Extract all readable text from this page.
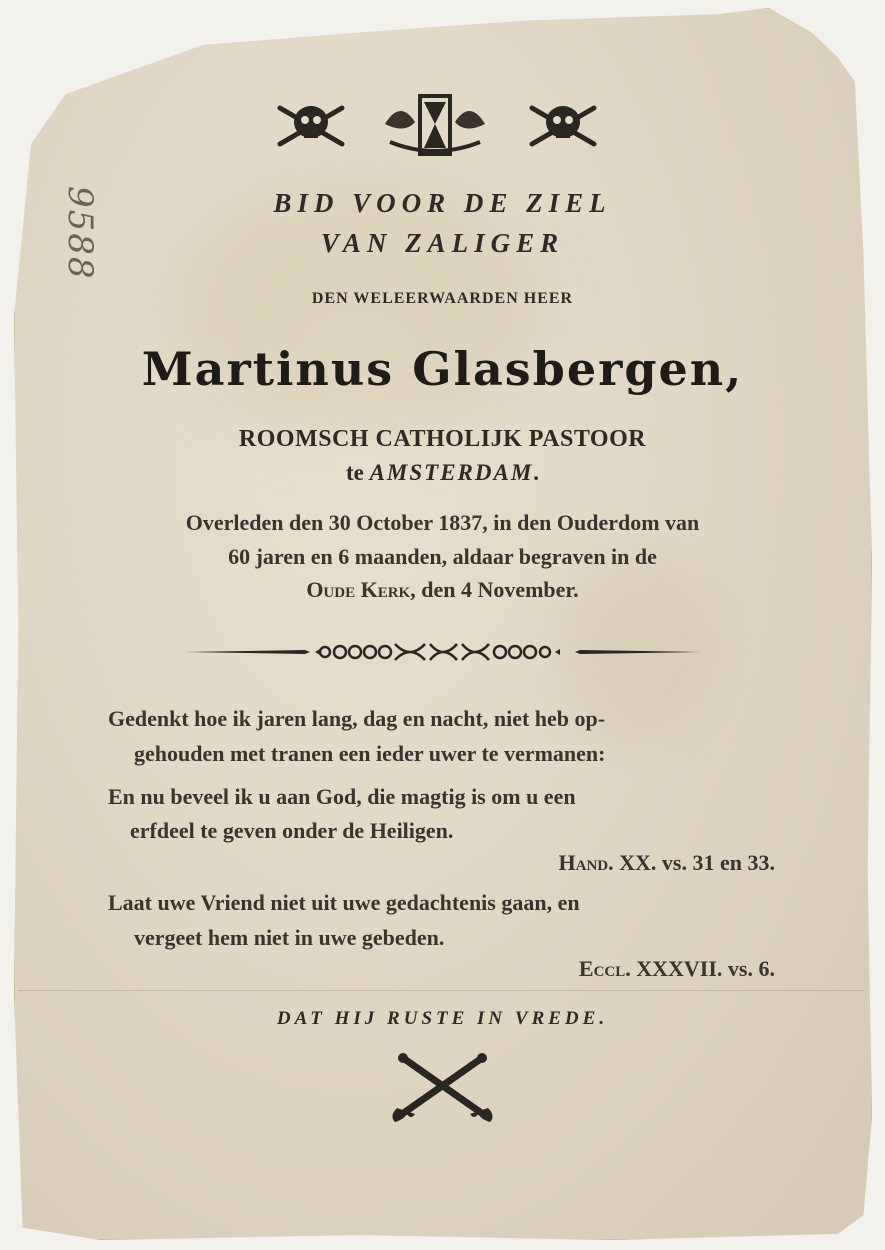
9588	BID VOOR DE ZIEL
VAN ZALIGER
DEN WELEERWAARDEN HEER
Martinus Glasbergen,
ROOMSCH CATHOLIJK PASTOOR
te AMSTERDAM.
Overleden den 30 October 1837, in den Ouderdom van
60 jaren en 6 maanden, aldaar begraven in de
Oude Kerk, den 4 November.
Gedenkt hoe ik jaren lang, dag en nacht, niet heb op-
gehouden met tranen een ieder uwer te vermanen:
En nu beveel ik u aan God, die magtig is om u een
erfdeel te geven onder de Heiligen.
Hand. XX. vs. 31 en 33.
Laat uwe Vriend niet uit uwe gedachtenis gaan, en
vergeet hem niet in uwe gebeden.
Eccl. XXXVII. vs. 6.
DAT HIJ RUSTE IN VREDE.
